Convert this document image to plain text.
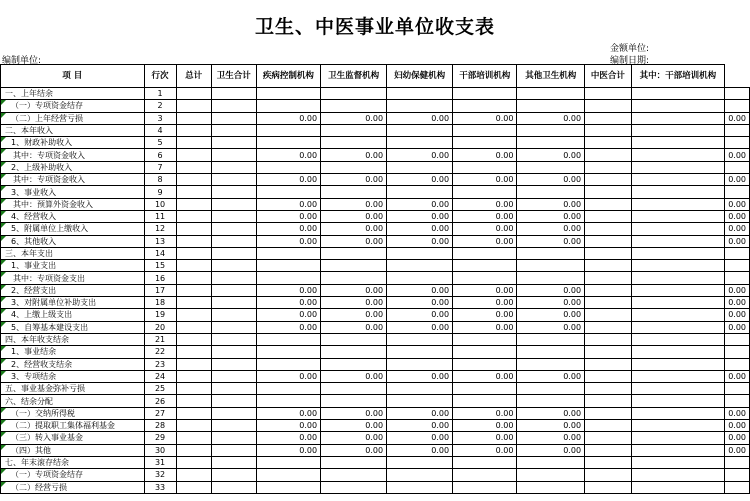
卫生、中医事业单位收支表
金额单位:
编制单位:	编制日期:
项 目	行次	总计	卫生合计	疾病控制机构	卫生监督机构	妇幼保健机构	干部培训机构	其他卫生机构	中医合计	其中：干部培训机构	
一、上年结余	1										
（一）专项资金结存	2										
（二）上年经营亏损	3			0.00	0.00	0.00	0.00	0.00			0.00
二、本年收入	4										
1、财政补助收入	5										
其中：专项资金收入	6			0.00	0.00	0.00	0.00	0.00			0.00
2、上级补助收入	7										
其中：专项资金收入	8			0.00	0.00	0.00	0.00	0.00			0.00
3、事业收入	9										
其中：预算外资金收入	10			0.00	0.00	0.00	0.00	0.00			0.00
4、经营收入	11			0.00	0.00	0.00	0.00	0.00			0.00
5、附属单位上缴收入	12			0.00	0.00	0.00	0.00	0.00			0.00
6、其他收入	13			0.00	0.00	0.00	0.00	0.00			0.00
三、本年支出	14										
1、事业支出	15										
其中：专项资金支出	16										
2、经营支出	17			0.00	0.00	0.00	0.00	0.00			0.00
3、对附属单位补助支出	18			0.00	0.00	0.00	0.00	0.00			0.00
4、上缴上级支出	19			0.00	0.00	0.00	0.00	0.00			0.00
5、自筹基本建设支出	20			0.00	0.00	0.00	0.00	0.00			0.00
四、本年收支结余	21										
1、事业结余	22										
2、经营收支结余	23										
3、专项结余	24			0.00	0.00	0.00	0.00	0.00			0.00
五、事业基金弥补亏损	25										
六、结余分配	26										
（一）交纳所得税	27			0.00	0.00	0.00	0.00	0.00			0.00
（二）提取职工集体福利基金	28			0.00	0.00	0.00	0.00	0.00			0.00
（三）转入事业基金	29			0.00	0.00	0.00	0.00	0.00			0.00
（四）其他	30			0.00	0.00	0.00	0.00	0.00			0.00
七、年末滚存结余	31										
（一）专项资金结存	32										
（二）经营亏损	33										
